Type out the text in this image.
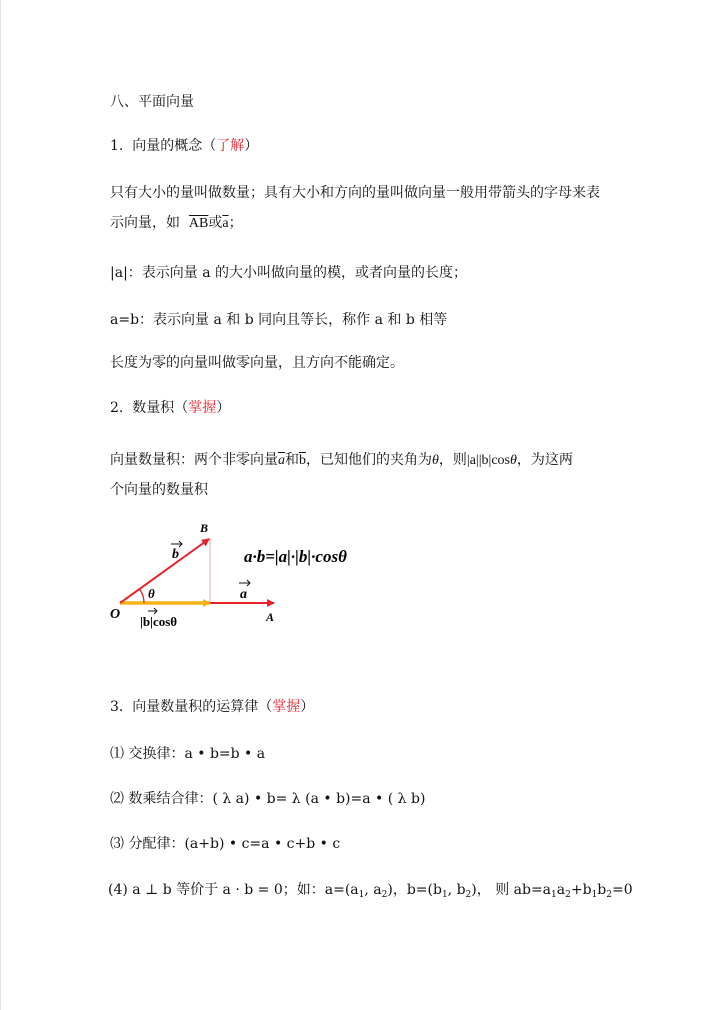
八、平面向量
1. 向量的概念（了解）
只有大小的量叫做数量；具有大小和方向的量叫做向量一般用带箭头的字母来表
示向量，如 $\overline{AB}$或$\overline{a}$；
|a|：表示向量 a 的大小叫做向量的模，或者向量的长度；
a=b：表示向量 a 和 b 同向且等长，称作 a 和 b 相等
长度为零的向量叫做零向量，且方向不能确定。
2. 数量积（掌握）
向量数量积：两个非零向量$\overline{a}$和$\overline{b}$，已知他们的夹角为θ，则|a||b|cosθ，为这两
个向量的数量积
B
O	A
b
a
θ
|b|cosθ
a·b=|a|·|b|·cosθ
3. 向量数量积的运算律（掌握）
⑴ 交换律：a • b=b • a
⑵ 数乘结合律：( λ a) • b= λ (a • b)=a • ( λ b)
⑶ 分配律：(a+b) • c=a • c+b • c
(4) a ⊥ b 等价于 a · b = 0；如：$a=(a_1$, $a_2$)，$b=(b_1$, $b_2$)， 则 $ab=a_1a_2+b_1b_2=0$
